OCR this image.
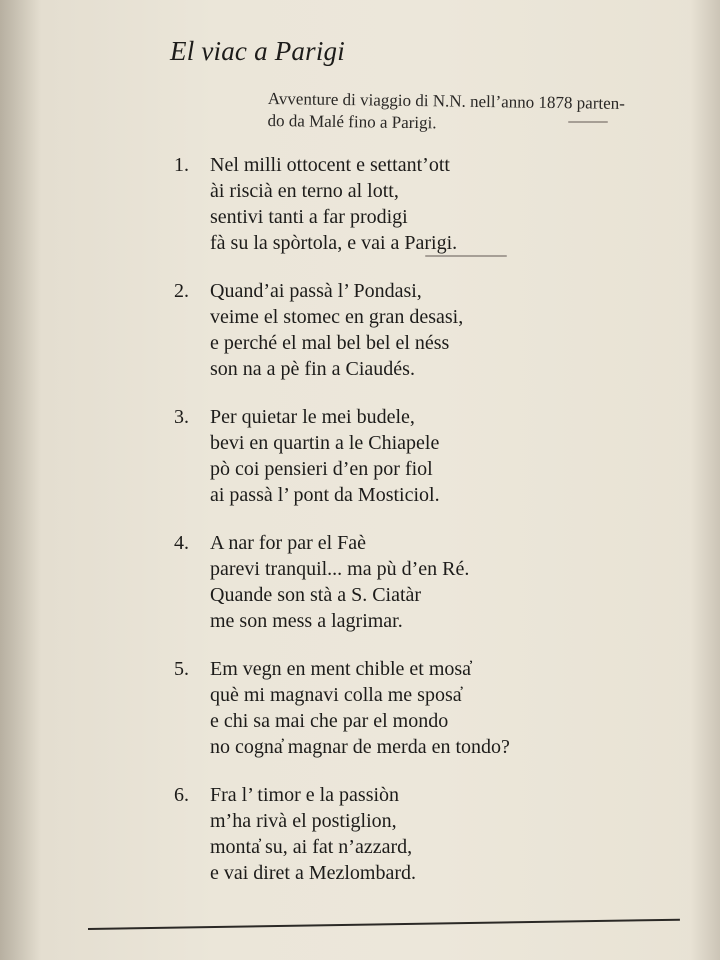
El viac a Parigi
Avventure di viaggio di N.N. nell’anno 1878 parten-
do da Malé fino a Parigi.
1.	Nel milli ottocent e settant’ott
ài riscià en terno al lott,
sentivi tanti a far prodigi
fà su la spòrtola, e vai a Parigi.
2.	Quand’ai passà l’ Pondasi,
veime el stomec en gran desasi,
e perché el mal bel bel el néss
son na a pè fin a Ciaudés.
3.	Per quietar le mei budele,
bevi en quartin a le Chiapele
pò coi pensieri d’en por fiol
ai passà l’ pont da Mosticiol.
4.	A nar for par el Faè
parevi tranquil... ma pù d’en Ré.
Quande son stà a S. Ciatàr
me son mess a lagrimar.
5.	Em vegn en ment chible et mosa̓
què mi magnavi colla me sposa̓
e chi sa mai che par el mondo
no cogna̓ magnar de merda en tondo?
6.	Fra l’ timor e la passiòn
m’ha rivà el postiglion,
monta̓ su, ai fat n’azzard,
e vai diret a Mezlombard.
